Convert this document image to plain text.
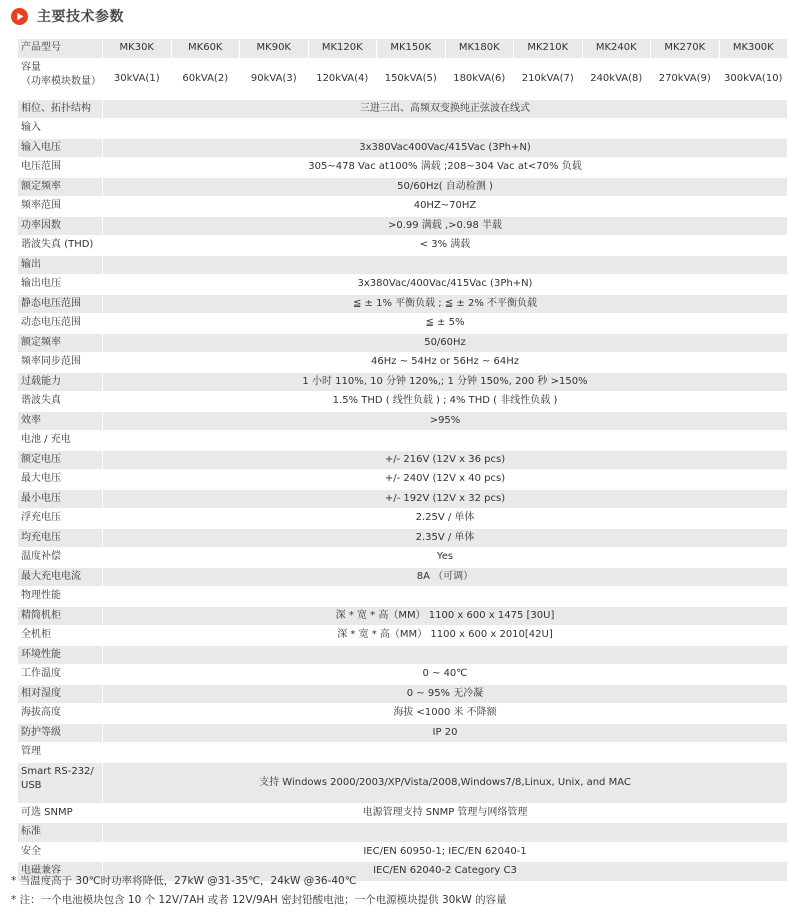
主要技术参数
产品型号	MK30K	MK60K	MK90K	MK120K	MK150K	MK180K	MK210K	MK240K	MK270K	MK300K
容量
（功率模块数量）	30kVA(1)	60kVA(2)	90kVA(3)	120kVA(4)	150kVA(5)	180kVA(6)	210kVA(7)	240kVA(8)	270kVA(9)	300kVA(10)
相位、拓扑结构	三进三出、高频双变换纯正弦波在线式									
输入										
输入电压	3x380Vac400Vac/415Vac (3Ph+N)									
电压范围	305~478 Vac at100% 满载 ;208~304 Vac at<70% 负载									
额定频率	50/60Hz( 自动检测 )									
频率范围	40HZ~70HZ									
功率因数	>0.99 满载 ,>0.98 半载									
谐波失真 (THD)	< 3% 满载									
输出										
输出电压	3x380Vac/400Vac/415Vac (3Ph+N)									
静态电压范围	≦ ± 1% 平衡负载 ; ≦ ± 2% 不平衡负载									
动态电压范围	≦ ± 5%									
额定频率	50/60Hz									
频率同步范围	46Hz ~ 54Hz or 56Hz ~ 64Hz									
过载能力	1 小时 110%, 10 分钟 120%,; 1 分钟 150%, 200 秒 >150%									
谐波失真	1.5% THD ( 线性负载 ) ; 4% THD ( 非线性负载 )									
效率	>95%									
电池 / 充电										
额定电压	+/- 216V (12V x 36 pcs)									
最大电压	+/- 240V (12V x 40 pcs)									
最小电压	+/- 192V (12V x 32 pcs)									
浮充电压	2.25V / 单体									
均充电压	2.35V / 单体									
温度补偿	Yes									
最大充电电流	8A （可调）									
物理性能										
精简机柜	深 * 宽 * 高（MM） 1100 x 600 x 1475 [30U]									
全机柜	深 * 宽 * 高（MM） 1100 x 600 x 2010[42U]									
环境性能										
工作温度	0 ~ 40℃									
相对湿度	0 ~ 95% 无冷凝									
海拔高度	海拔 <1000 米 不降额									
防护等级	IP 20									
管理										
Smart RS-232/ USB	支持 Windows 2000/2003/XP/Vista/2008,Windows7/8,Linux, Unix, and MAC									
可选 SNMP	电源管理支持 SNMP 管理与网络管理									
标准										
安全	IEC/EN 60950-1; IEC/EN 62040-1									
电磁兼容	IEC/EN 62040-2 Category C3									
* 当温度高于 30℃时功率将降低，27kW @31-35℃，24kW @36-40℃
* 注：一个电池模块包含 10 个 12V/7AH 或者 12V/9AH 密封铅酸电池；一个电源模块提供 30kW 的容量
